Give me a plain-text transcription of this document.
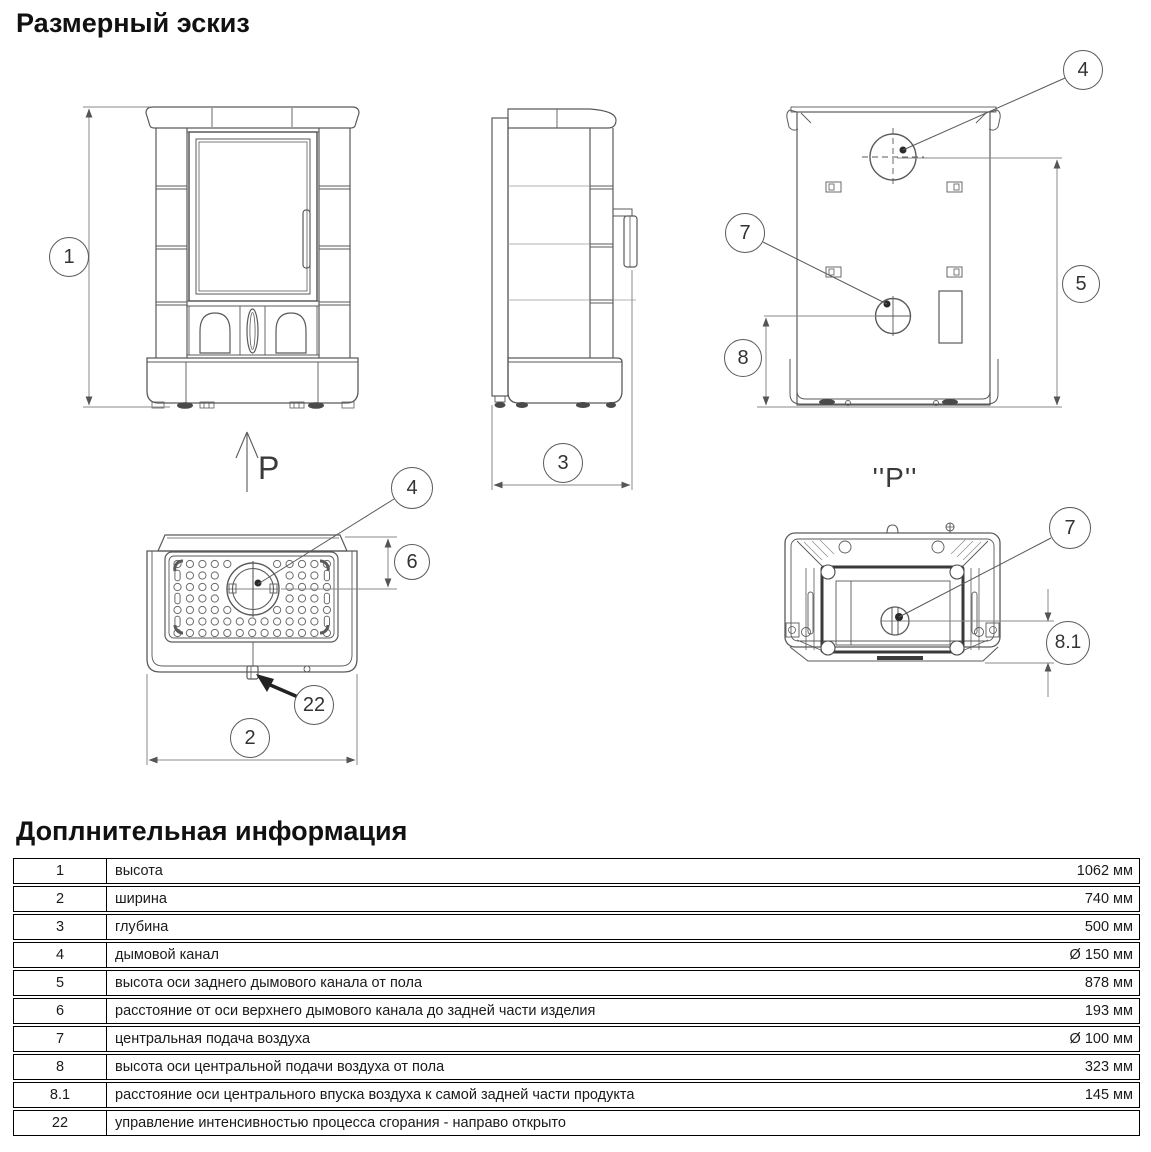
Размерный эскиз
P	''P''
1
3
4
5
7
8
4
6
22
2
7
8.1
Доплнительная информация
1	высота	1062 мм
2	ширина	740 мм
3	глубина	500 мм
4	дымовой канал	Ø 150 мм
5	высота оси заднего дымового канала от пола	878 мм
6	расстояние от оси верхнего дымового канала до задней части изделия	193 мм
7	центральная подача воздуха	Ø 100 мм
8	высота оси центральной подачи воздуха от пола	323 мм
8.1	расстояние оси центрального впуска воздуха к самой задней части продукта	145 мм
22	управление интенсивностью процесса сгорания - направо открыто
